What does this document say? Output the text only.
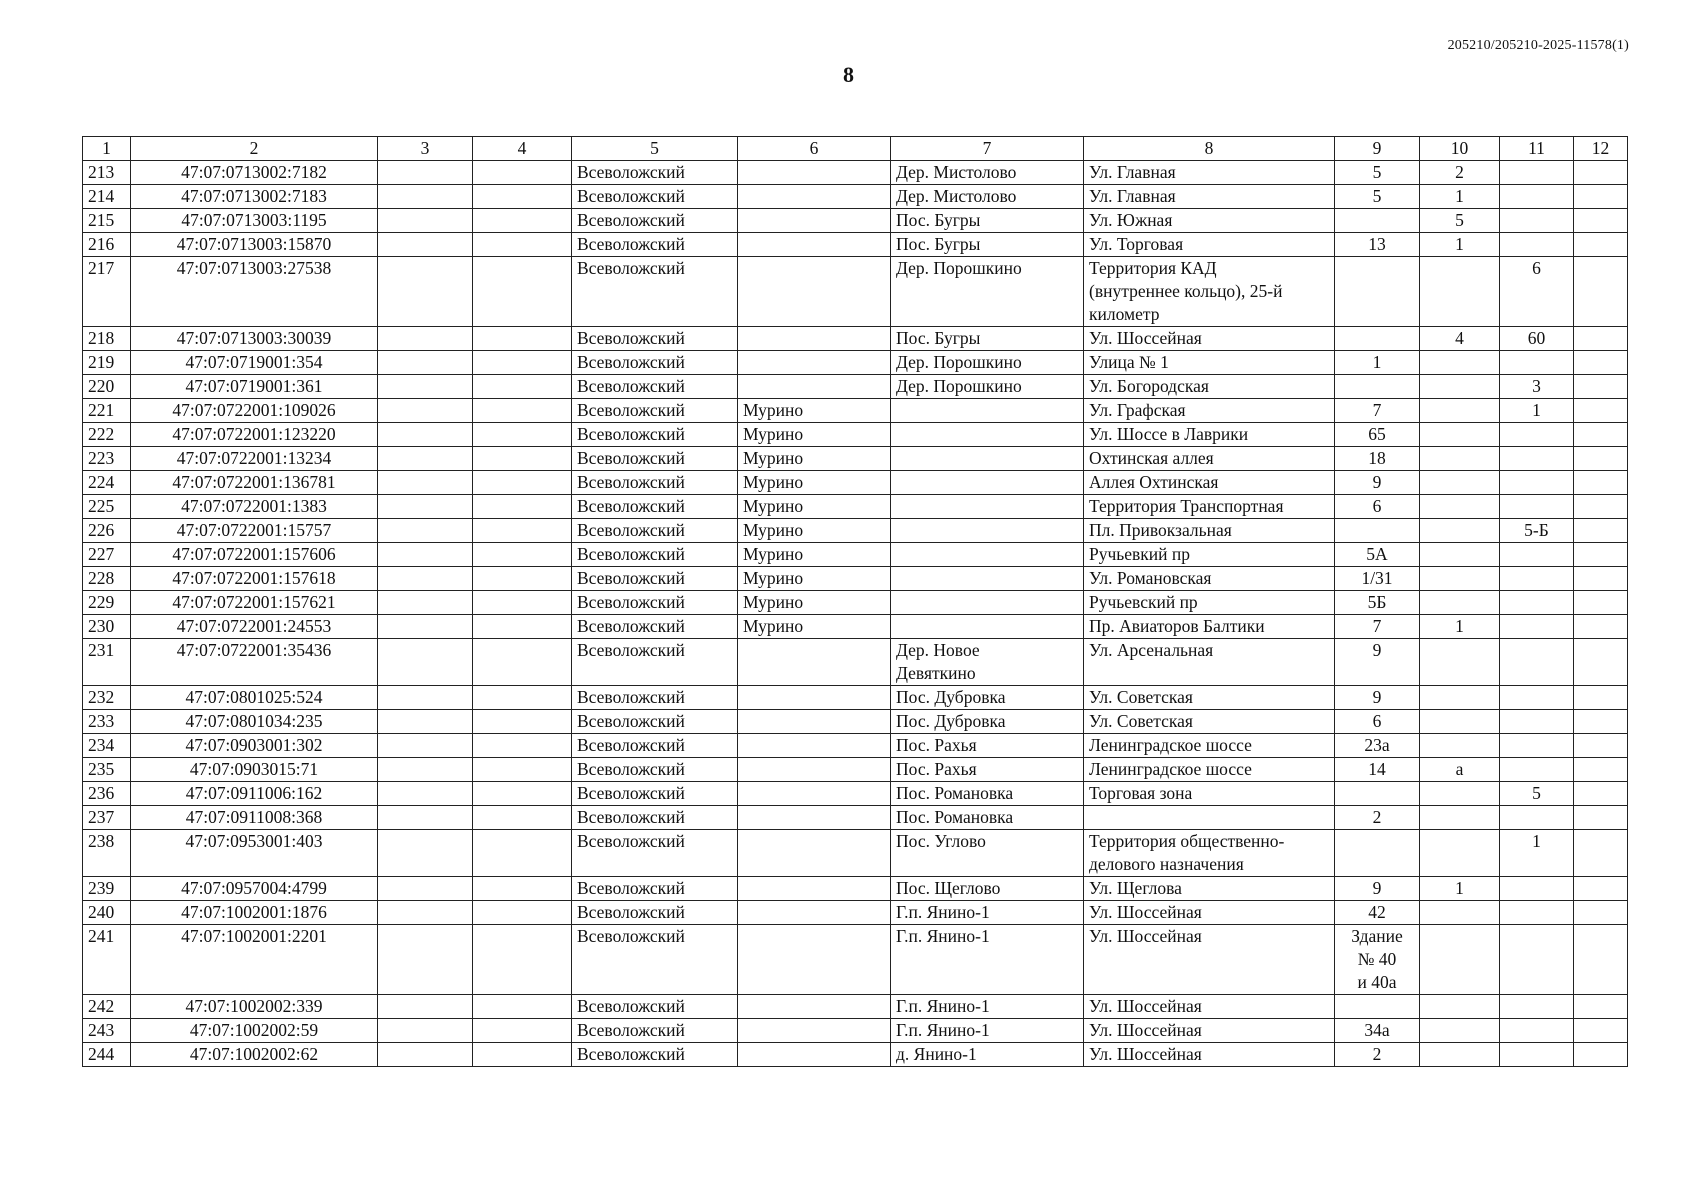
205210/205210-2025-11578(1)
8
1	2	3	4	5	6	7	8	9	10	11	12
213	47:07:0713002:7182			Всеволожский		Дер. Мистолово	Ул. Главная	5	2		
214	47:07:0713002:7183			Всеволожский		Дер. Мистолово	Ул. Главная	5	1		
215	47:07:0713003:1195			Всеволожский		Пос. Бугры	Ул. Южная		5		
216	47:07:0713003:15870			Всеволожский		Пос. Бугры	Ул. Торговая	13	1		
217	47:07:0713003:27538			Всеволожский		Дер. Порошкино	Территория КАД
(внутреннее кольцо), 25-й
километр			6	
218	47:07:0713003:30039			Всеволожский		Пос. Бугры	Ул. Шоссейная		4	60	
219	47:07:0719001:354			Всеволожский		Дер. Порошкино	Улица № 1	1			
220	47:07:0719001:361			Всеволожский		Дер. Порошкино	Ул. Богородская			3	
221	47:07:0722001:109026			Всеволожский	Мурино		Ул. Графская	7		1	
222	47:07:0722001:123220			Всеволожский	Мурино		Ул. Шоссе в Лаврики	65			
223	47:07:0722001:13234			Всеволожский	Мурино		Охтинская аллея	18			
224	47:07:0722001:136781			Всеволожский	Мурино		Аллея Охтинская	9			
225	47:07:0722001:1383			Всеволожский	Мурино		Территория Транспортная	6			
226	47:07:0722001:15757			Всеволожский	Мурино		Пл. Привокзальная			5-Б	
227	47:07:0722001:157606			Всеволожский	Мурино		Ручьевкий пр	5А			
228	47:07:0722001:157618			Всеволожский	Мурино		Ул. Романовская	1/31			
229	47:07:0722001:157621			Всеволожский	Мурино		Ручьевский пр	5Б			
230	47:07:0722001:24553			Всеволожский	Мурино		Пр. Авиаторов Балтики	7	1		
231	47:07:0722001:35436			Всеволожский		Дер. Новое
Девяткино	Ул. Арсенальная	9			
232	47:07:0801025:524			Всеволожский		Пос. Дубровка	Ул. Советская	9			
233	47:07:0801034:235			Всеволожский		Пос. Дубровка	Ул. Советская	6			
234	47:07:0903001:302			Всеволожский		Пос. Рахья	Ленинградское шоссе	23а			
235	47:07:0903015:71			Всеволожский		Пос. Рахья	Ленинградское шоссе	14	а		
236	47:07:0911006:162			Всеволожский		Пос. Романовка	Торговая зона			5	
237	47:07:0911008:368			Всеволожский		Пос. Романовка		2			
238	47:07:0953001:403			Всеволожский		Пос. Углово	Территория общественно-
делового назначения			1	
239	47:07:0957004:4799			Всеволожский		Пос. Щеглово	Ул. Щеглова	9	1		
240	47:07:1002001:1876			Всеволожский		Г.п. Янино-1	Ул. Шоссейная	42			
241	47:07:1002001:2201			Всеволожский		Г.п. Янино-1	Ул. Шоссейная	Здание
№ 40
и 40а			
242	47:07:1002002:339			Всеволожский		Г.п. Янино-1	Ул. Шоссейная				
243	47:07:1002002:59			Всеволожский		Г.п. Янино-1	Ул. Шоссейная	34а			
244	47:07:1002002:62			Всеволожский		д. Янино-1	Ул. Шоссейная	2			
